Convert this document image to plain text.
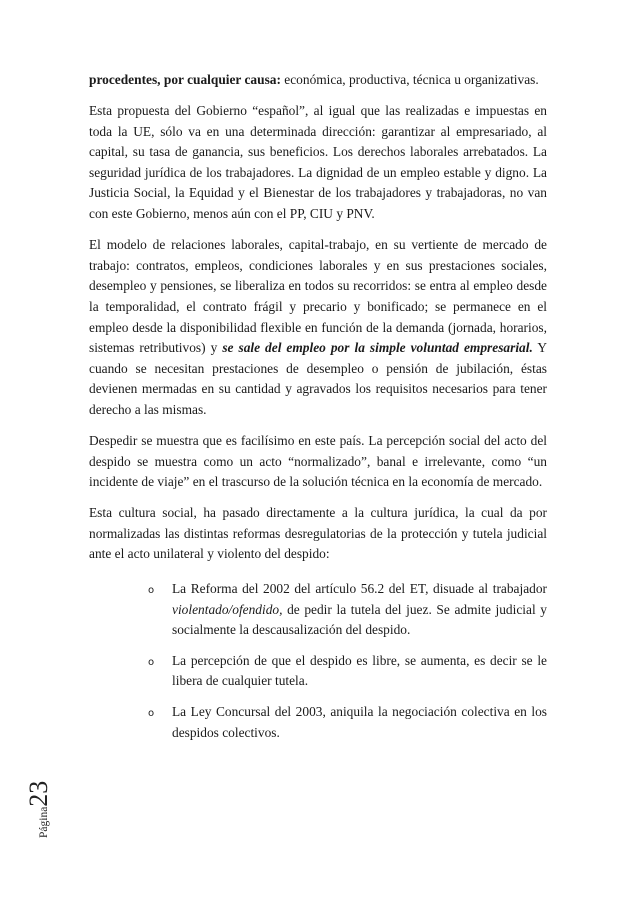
procedentes, por cualquier causa: económica, productiva, técnica u organizativas.

Esta propuesta del Gobierno “español”, al igual que las realizadas e impuestas en toda la UE, sólo va en una determinada dirección: garantizar al empresariado, al capital, su tasa de ganancia, sus beneficios. Los derechos laborales arrebatados. La seguridad jurídica de los trabajadores. La dignidad de un empleo estable y digno. La Justicia Social, la Equidad y el Bienestar de los trabajadores y trabajadoras, no van con este Gobierno, menos aún con el PP, CIU y PNV.

El modelo de relaciones laborales, capital-trabajo, en su vertiente de mercado de trabajo: contratos, empleos, condiciones laborales y en sus prestaciones sociales, desempleo y pensiones, se liberaliza en todos su recorridos: se entra al empleo desde la temporalidad, el contrato frágil y precario y bonificado; se permanece en el empleo desde la disponibilidad flexible en función de la demanda (jornada, horarios, sistemas retributivos) y se sale del empleo por la simple voluntad empresarial. Y cuando se necesitan prestaciones de desempleo o pensión de jubilación, éstas devienen mermadas en su cantidad y agravados los requisitos necesarios para tener derecho a las mismas.

Despedir se muestra que es facilísimo en este país. La percepción social del acto del despido se muestra como un acto “normalizado”, banal e irrelevante, como “un incidente de viaje” en el trascurso de la solución técnica en la economía de mercado.

Esta cultura social, ha pasado directamente a la cultura jurídica, la cual da por normalizadas las distintas reformas desregulatorias de la protección y tutela judicial ante el acto unilateral y violento del despido:

o La Reforma del 2002 del artículo 56.2 del ET, disuade al trabajador violentado/ofendido, de pedir la tutela del juez. Se admite judicial y socialmente la descausalización del despido.
o La percepción de que el despido es libre, se aumenta, es decir se le libera de cualquier tutela.
o La Ley Concursal del 2003, aniquila la negociación colectiva en los despidos colectivos.
Página23
